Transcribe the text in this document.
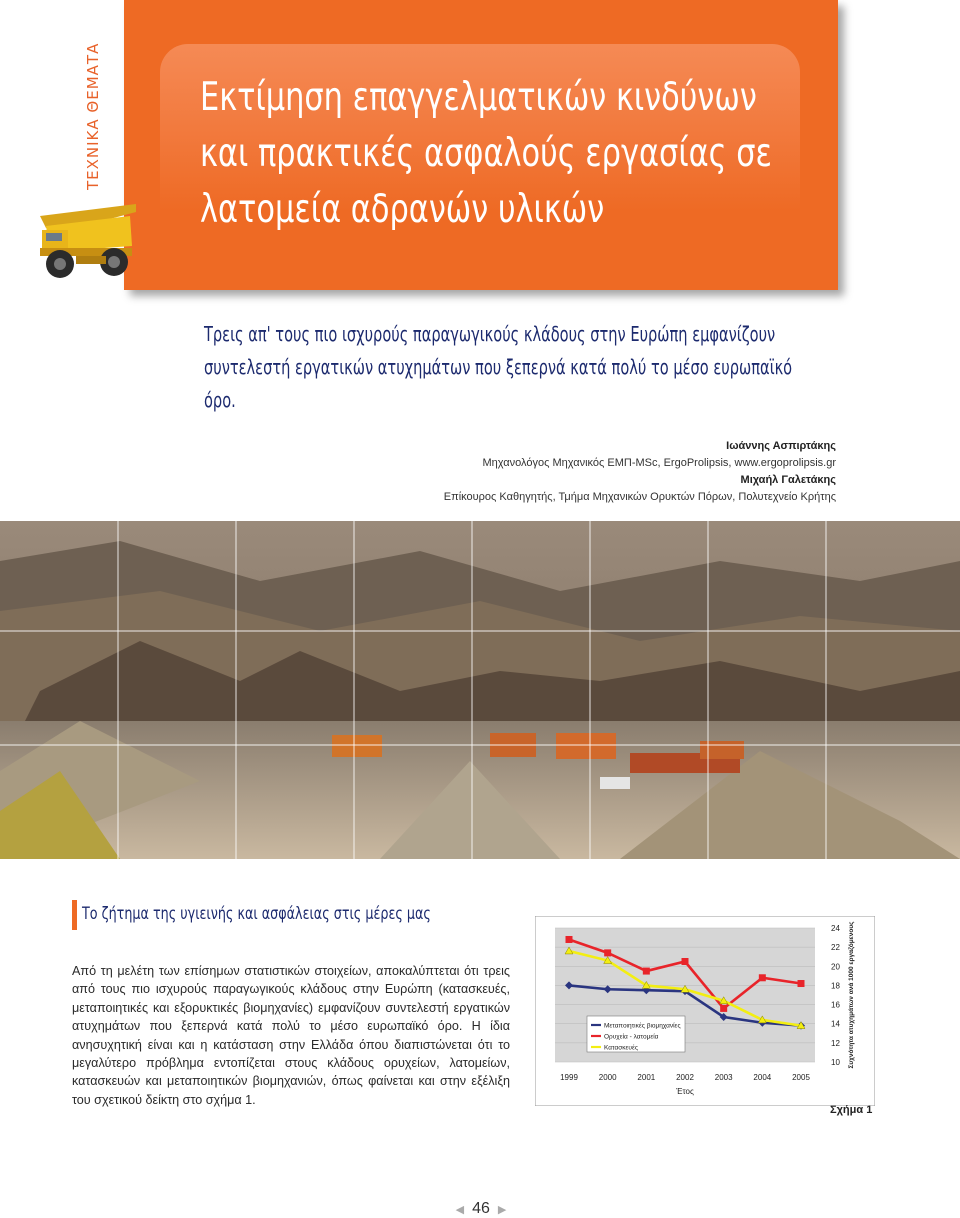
ΤΕΧΝΙΚΑ ΘΕΜΑΤΑ	Εκτίμηση επαγγελματικών κινδύνων
και πρακτικές ασφαλούς εργασίας σε
λατομεία αδρανών υλικών
Τρεις απ' τους πιο ισχυρούς παραγωγικούς κλάδους στην Ευρώπη εμφανίζουν
συντελεστή εργατικών ατυχημάτων που ξεπερνά κατά πολύ το μέσο ευρωπαϊκό όρο.
Ιωάννης Ασπιρτάκης
Μηχανολόγος Μηχανικός ΕΜΠ-MSc, ErgoProlipsis, www.ergoprolipsis.gr
Μιχαήλ Γαλετάκης
Επίκουρος Καθηγητής, Τμήμα Μηχανικών Ορυκτών Πόρων, Πολυτεχνείο Κρήτης
Το ζήτημα της υγιεινής και ασφάλειας στις μέρες μας
Από τη μελέτη των επίσημων στατιστικών στοιχείων, αποκαλύπτεται ότι τρεις από τους πιο ισχυρούς παραγωγικούς κλάδους στην Ευρώπη (κατασκευές, μεταποιητικές και εξορυκτικές βιομηχανίες) εμφανίζουν συντελεστή εργατικών ατυχημάτων που ξεπερνά κατά πολύ το μέσο ευρωπαϊκό όρο. Η ίδια ανησυχητική είναι και η κατάσταση στην Ελλάδα όπου διαπιστώνεται ότι το μεγαλύτερο πρόβλημα εντοπίζεται στους κλάδους ορυχείων, λατομείων, κατασκευών και μεταποιητικών βιομηχανιών, όπως φαίνεται και στην εξέλιξη του σχετικού δείκτη στο σχήμα 1.
10
12
14
16
18
20
22
24
1999	2000	2001	2002	2003	2004	2005
Έτος
Συχνότητα ατυχημάτων ανά 1000 εργαζόμενους
Μεταποιητικές βιομηχανίες
Ορυχεία - λατομεία
Κατασκευές
Σχήμα 1
◀ 46 ▶
